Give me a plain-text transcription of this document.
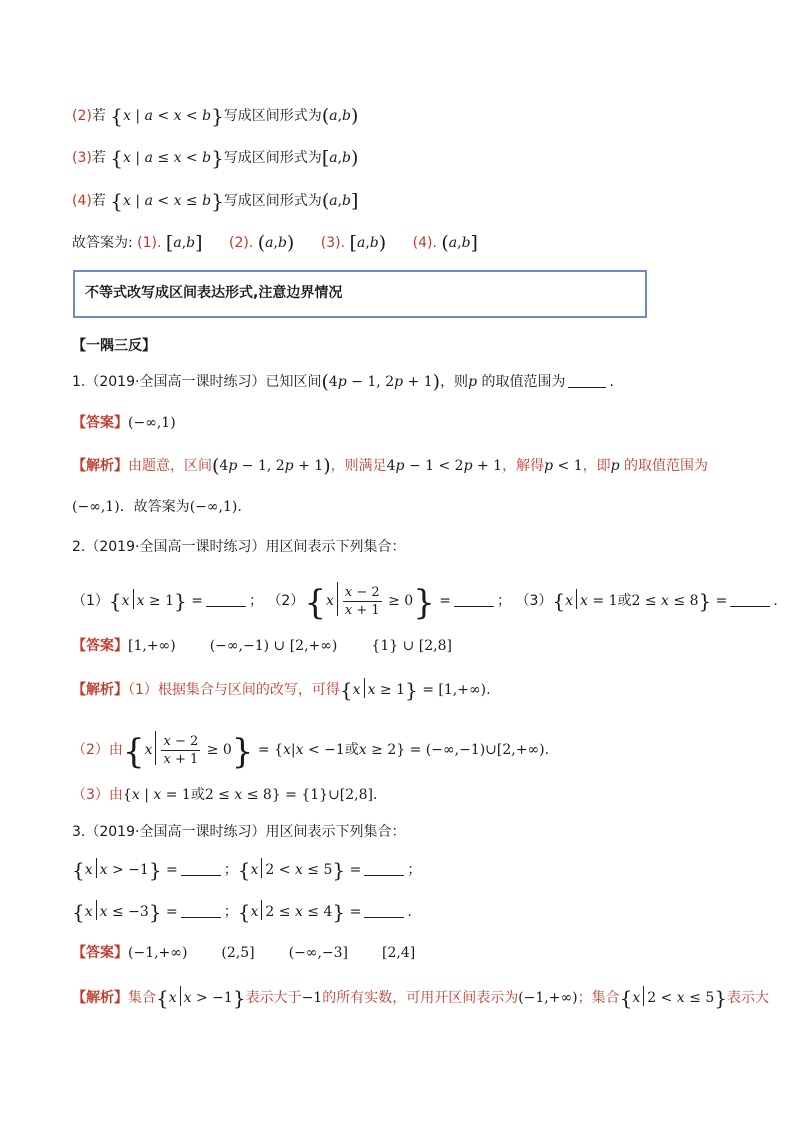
(2)若 {x | a < x < b}写成区间形式为(a,b)
(3)若 {x | a ≤ x < b}写成区间形式为[a,b)
(4)若 {x | a < x ≤ b}写成区间形式为(a,b]
故答案为: (1). [a,b] (2). (a,b) (3). [a,b) (4). (a,b]
不等式改写成区间表达形式,注意边界情况
【一隅三反】
1.（2019·全国高一课时练习）已知区间(4p − 1, 2p + 1)，则p 的取值范围为	.
【答案】(−∞,1)
【解析】由题意，区间(4p − 1, 2p + 1)，则满足4p − 1 < 2p + 1，解得p < 1，即p 的取值范围为
(−∞,1)．故答案为(−∞,1).
2.（2019·全国高一课时练习）用区间表示下列集合：
（1）{x x ≥ 1} =	； $(2)\{x \frac{x - 2}{x + 1} \ge 0\}$ =	； （3）{x x = 1或2 ≤ x ≤ 8} =	.
【答案】[1,+∞) (−∞,−1) ∪ [2,+∞) {1} ∪ [2,8]
【解析】（1）根据集合与区间的改写，可得{x x ≥ 1} = [1,+∞).
（2）由$\{x \frac{x - 2}{x + 1} \ge 0\} = \{x|x < -1$或x ≥ 2} = (−∞,−1)∪[2,+∞).
（3）由{x | x = 1或2 ≤ x ≤ 8} = {1}∪[2,8].
3.（2019·全国高一课时练习）用区间表示下列集合：
{x x > −1} =	；{x 2 < x ≤ 5} =	；
{x x ≤ −3} =	；{x 2 ≤ x ≤ 4} =	.
【答案】(−1,+∞) (2,5] (−∞,−3] [2,4]
【解析】集合{x x > −1}表示大于−1的所有实数，可用开区间表示为(−1,+∞)；集合{x 2 < x ≤ 5}表示大
